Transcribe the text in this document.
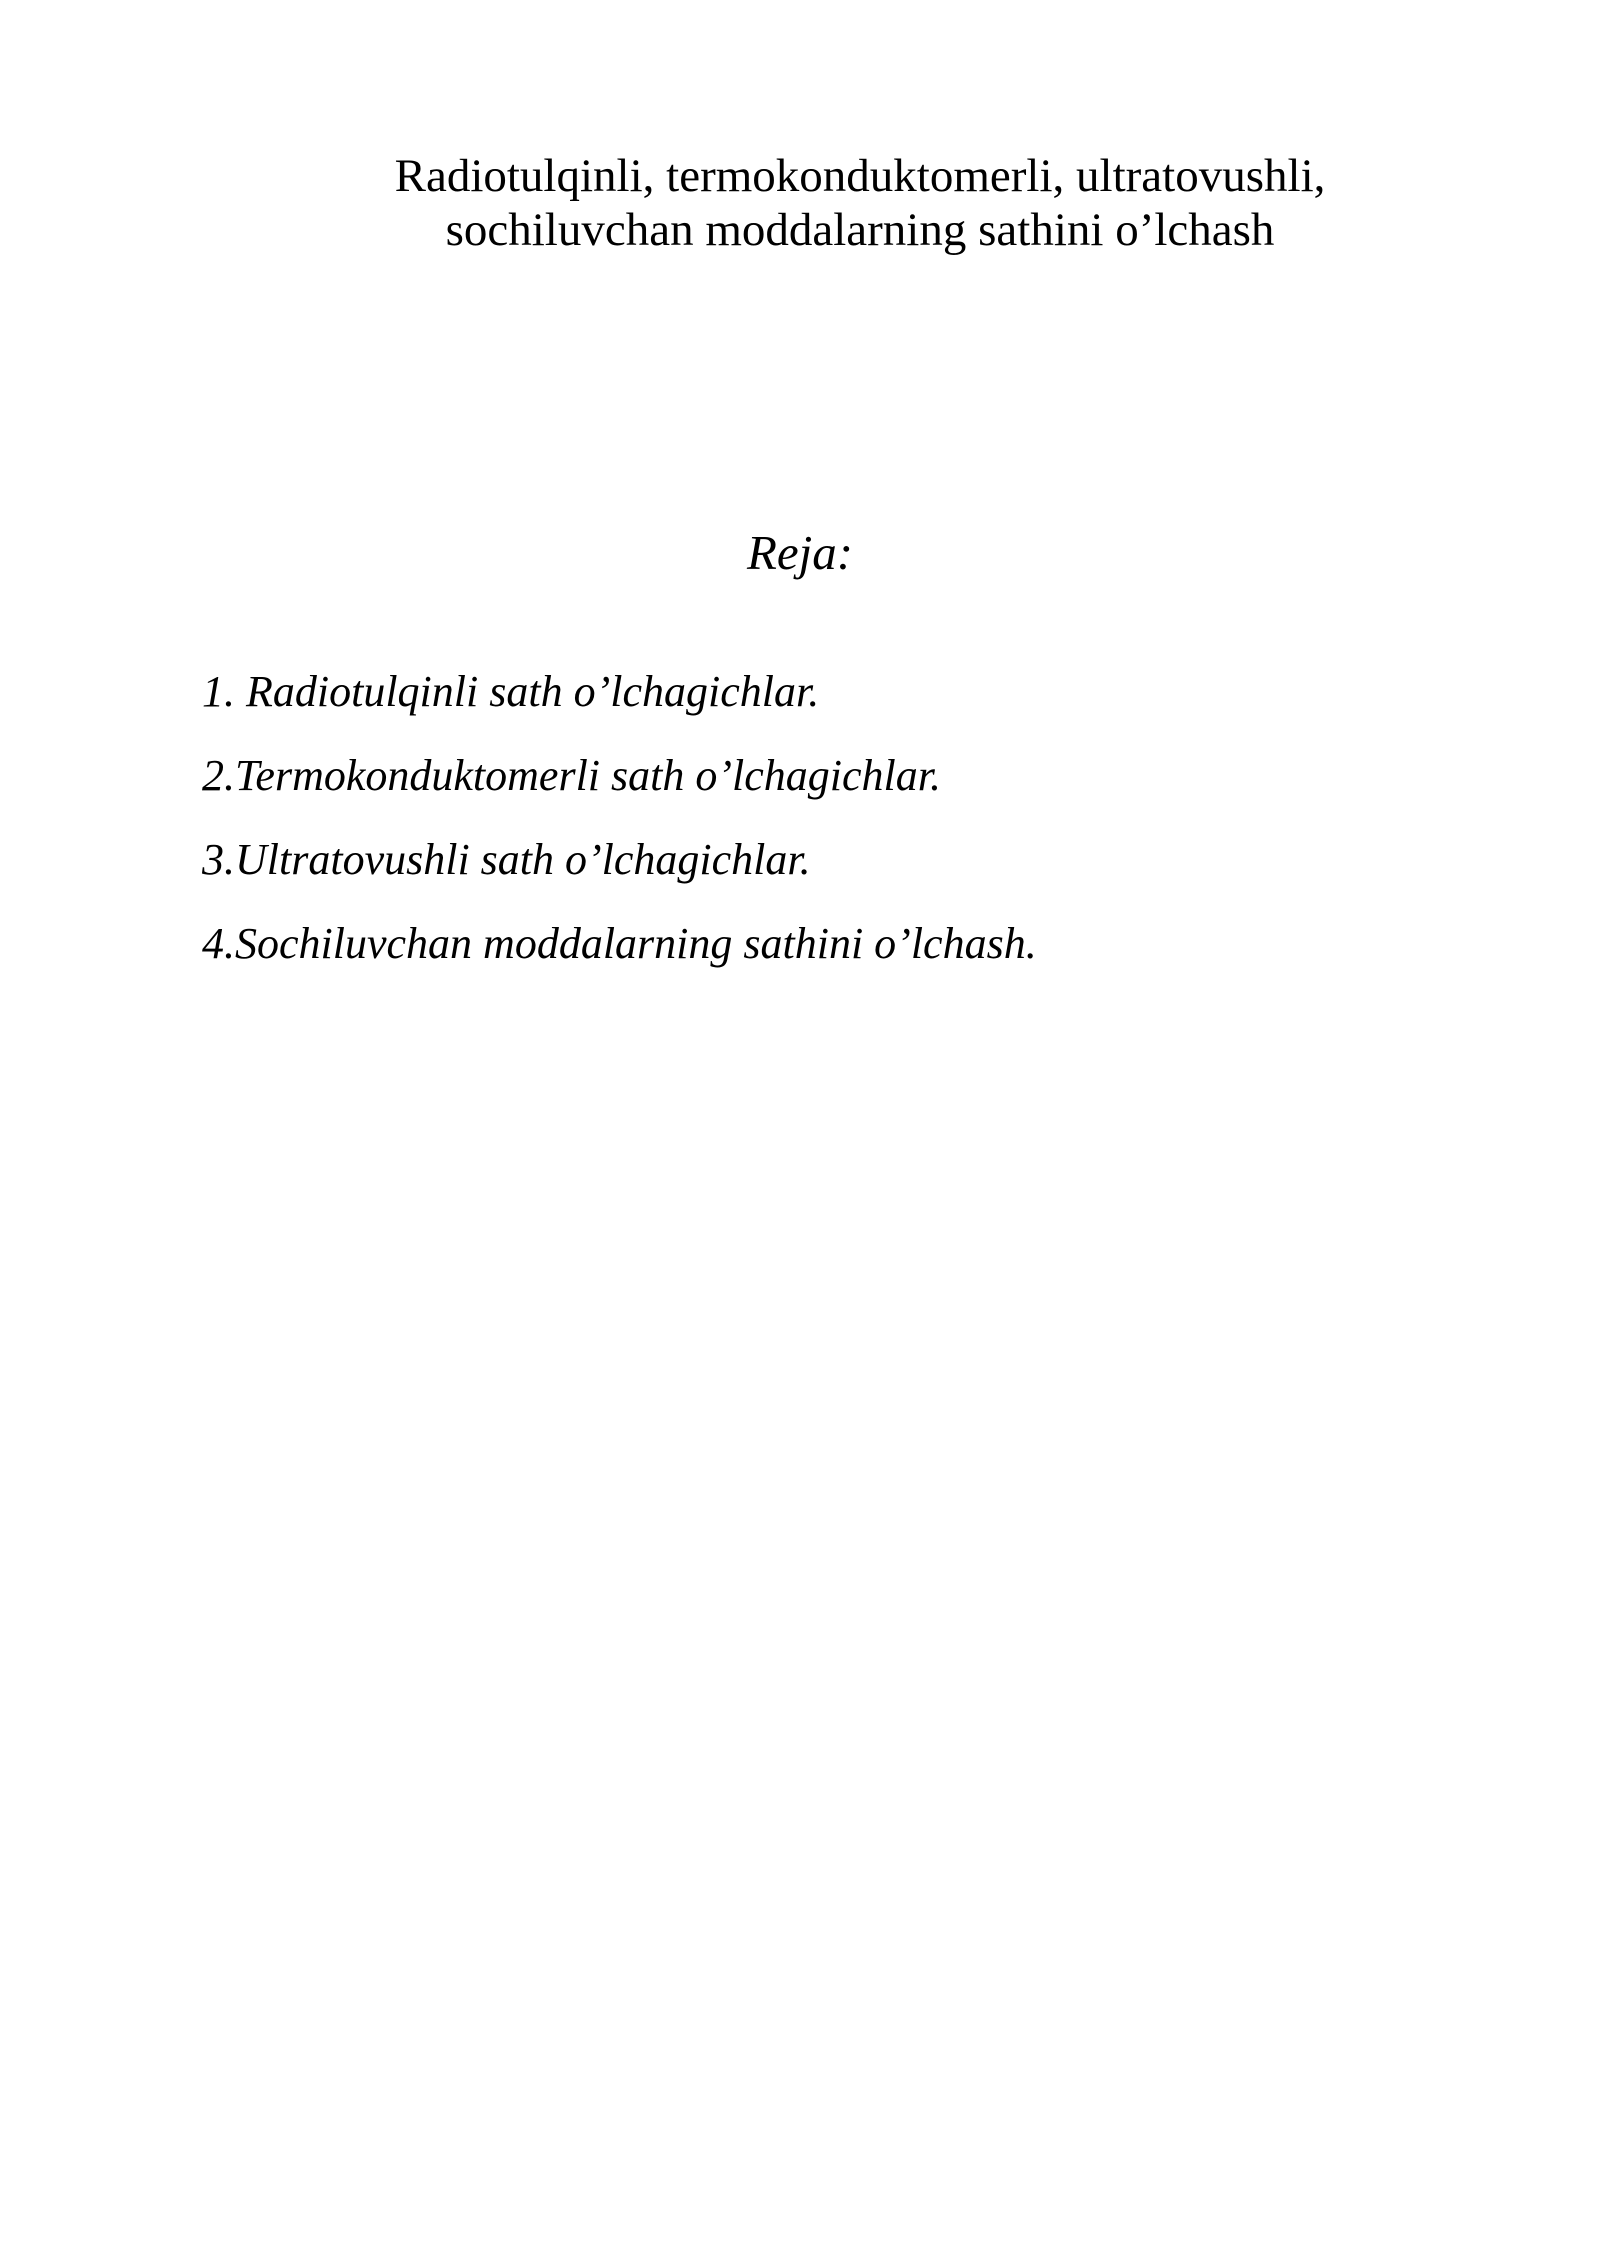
Radiotulqinli, termokonduktomerli, ultratovushli,
sochiluvchan moddalarning sathini o’lchash
Reja:
1. Radiotulqinli sath o’lchagichlar.
2.Termokonduktomerli sath o’lchagichlar.
3.Ultratovushli sath o’lchagichlar.
4.Sochiluvchan moddalarning sathini o’lchash.
